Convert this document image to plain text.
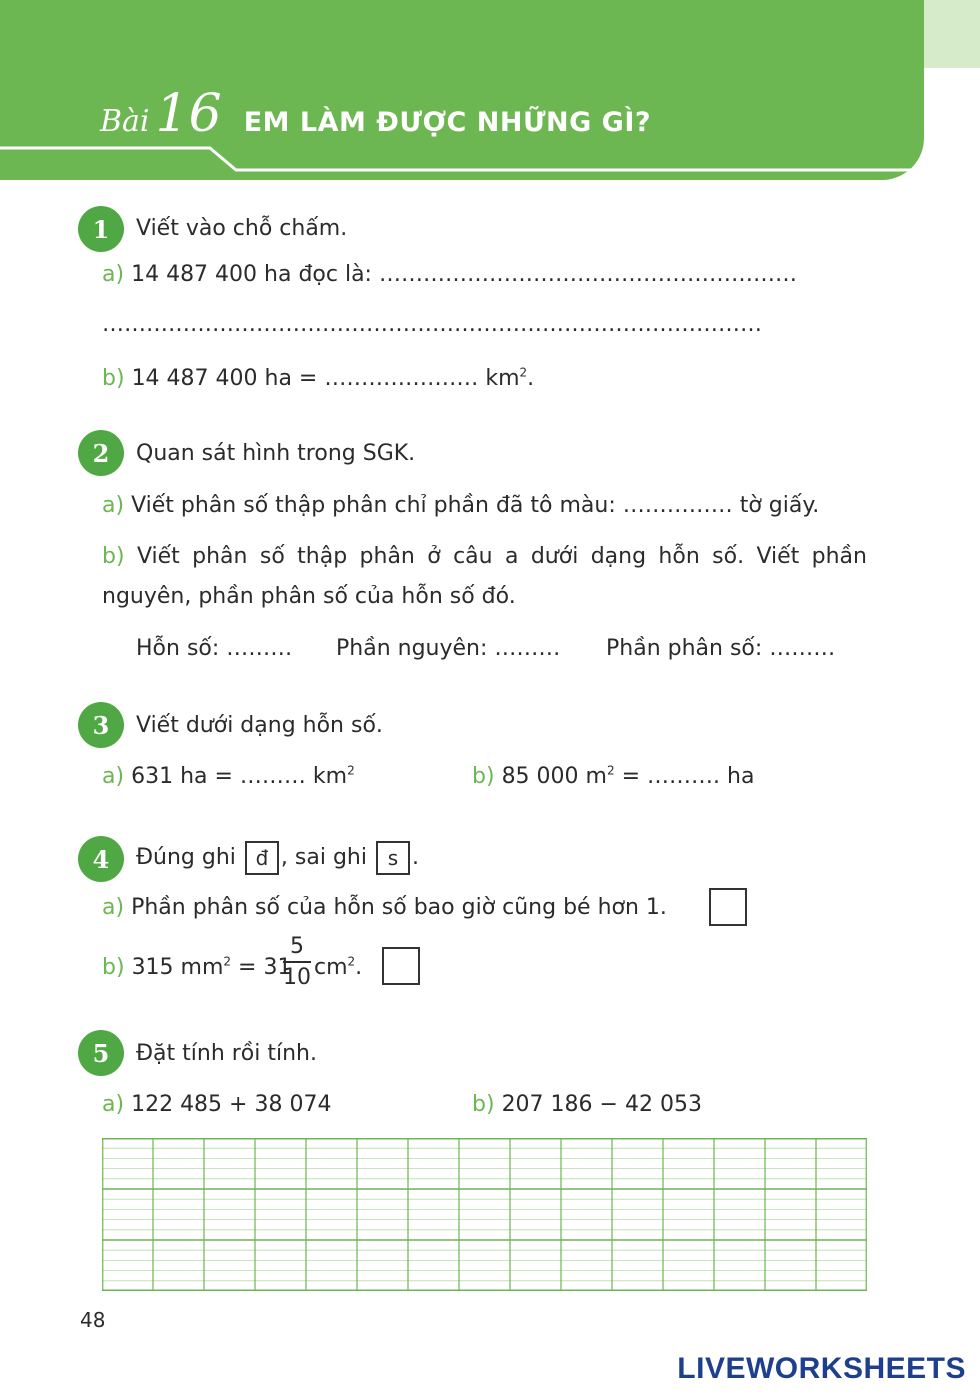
Bài 16 EM LÀM ĐƯỢC NHỮNG GÌ?
1	Viết vào chỗ chấm.
a) 14 487 400 ha đọc là: …………………………………………………
………………………………………………………………………………
b) 14 487 400 ha = ………………… $km^2$.
2	Quan sát hình trong SGK.
a) Viết phân số thập phân chỉ phần đã tô màu: …………… tờ giấy.
b) Viết phân số thập phân ở câu a dưới dạng hỗn số. Viết phần
nguyên, phần phân số của hỗn số đó.
Hỗn số: ……… Phần nguyên: ……… Phần phân số: ………
3	Viết dưới dạng hỗn số.
a) 631 ha = ……… $km^2$	b) 85 000 $m^2$ = ………. ha
4	Đúng ghi đ , sai ghi s .
a) Phần phân số của hỗn số bao giờ cũng bé hơn 1.
b) 315 $mm^2 = 31$
5
10 $cm^2$.
5	Đặt tính rồi tính.
a) 122 485 + 38 074	b) 207 186 − 42 053
48
LIVEWORKSHEETS
